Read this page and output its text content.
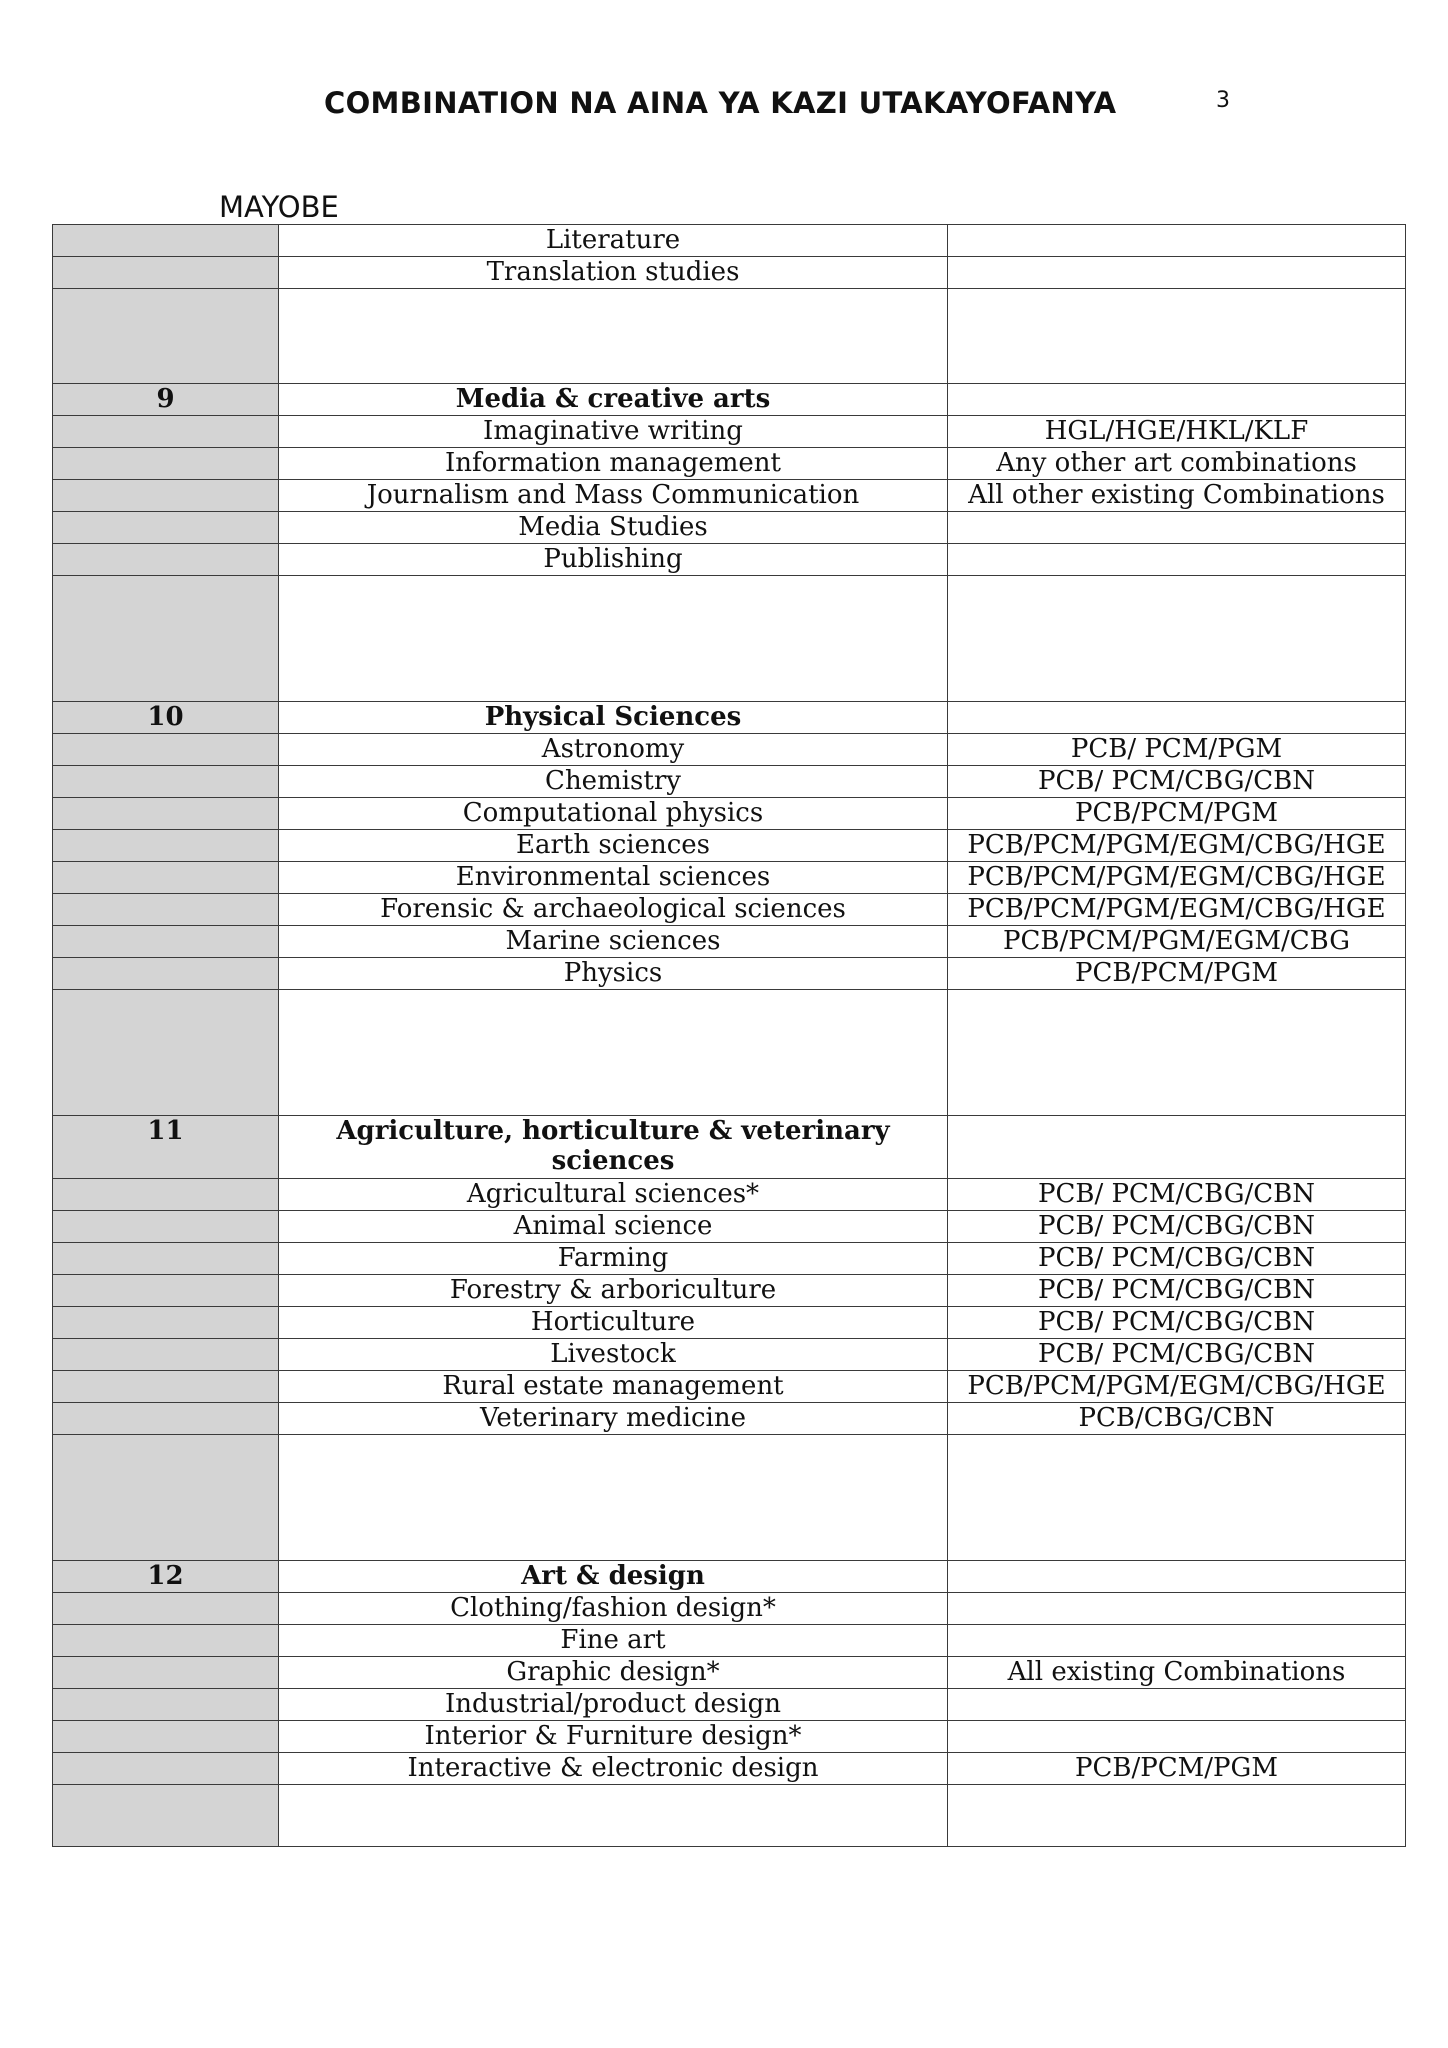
COMBINATION NA AINA YA KAZI UTAKAYOFANYA	3
MAYOBE
	Literature	
	Translation studies	

9	Media & creative arts	
	Imaginative writing	HGL/HGE/HKL/KLF
	Information management	Any other art combinations
	Journalism and Mass Communication	All other existing Combinations
	Media Studies	
	Publishing	

10	Physical Sciences	
	Astronomy	PCB/ PCM/PGM
	Chemistry	PCB/ PCM/CBG/CBN
	Computational physics	PCB/PCM/PGM
	Earth sciences	PCB/PCM/PGM/EGM/CBG/HGE
	Environmental sciences	PCB/PCM/PGM/EGM/CBG/HGE
	Forensic & archaeological sciences	PCB/PCM/PGM/EGM/CBG/HGE
	Marine sciences	PCB/PCM/PGM/EGM/CBG
	Physics	PCB/PCM/PGM

11	Agriculture, horticulture & veterinary sciences	
	Agricultural sciences*	PCB/ PCM/CBG/CBN
	Animal science	PCB/ PCM/CBG/CBN
	Farming	PCB/ PCM/CBG/CBN
	Forestry & arboriculture	PCB/ PCM/CBG/CBN
	Horticulture	PCB/ PCM/CBG/CBN
	Livestock	PCB/ PCM/CBG/CBN
	Rural estate management	PCB/PCM/PGM/EGM/CBG/HGE
	Veterinary medicine	PCB/CBG/CBN

12	Art & design	
	Clothing/fashion design*	
	Fine art	
	Graphic design*	All existing Combinations
	Industrial/product design	
	Interior & Furniture design*	
	Interactive & electronic design	PCB/PCM/PGM
